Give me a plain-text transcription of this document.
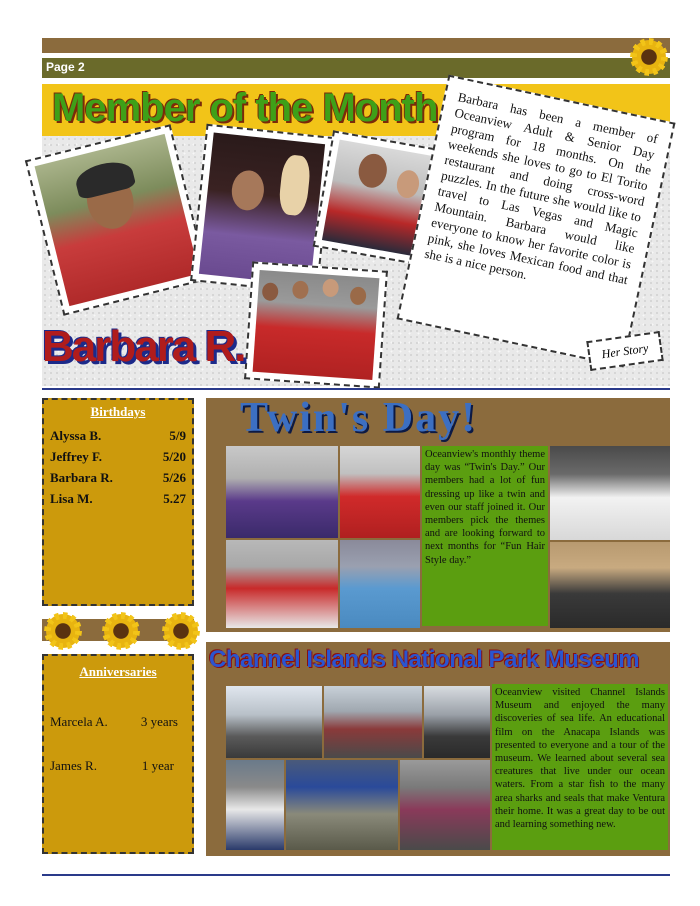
Page 2
Member of the Month	Barbara has been a member of Oceanview Adult & Senior Day program for 18 months. On the weekends she loves to go to El Torito restaurant and doing cross-word puzzles. In the future she would like to travel to Las Vegas and Magic Mountain. Barbara would like everyone to know her favorite color is pink, she loves Mexican food and that she is a nice person.
Her Story
Barbara R.
Birthdays
Alyssa B.	5/9
Jeffrey F.	5/20
Barbara R.	5/26
Lisa M.	5.27
Anniversaries
Marcela A.	3 years
James R.	1 year
Twin's Day!
Oceanview's monthly theme day was “Twin's Day.” Our members had a lot of fun dressing up like a twin and even our staff joined it. Our members pick the themes and are looking forward to next months for “Fun Hair Style day.”
Channel Islands National Park Museum
Oceanview visited Channel Islands Museum and enjoyed the many discoveries of sea life. An educational film on the Anacapa Islands was presented to everyone and a tour of the museum. We learned about several sea creatures that live under our ocean waters. From a star fish to the many area sharks and seals that make Ventura their home. It was a great day to be out and learning something new.
